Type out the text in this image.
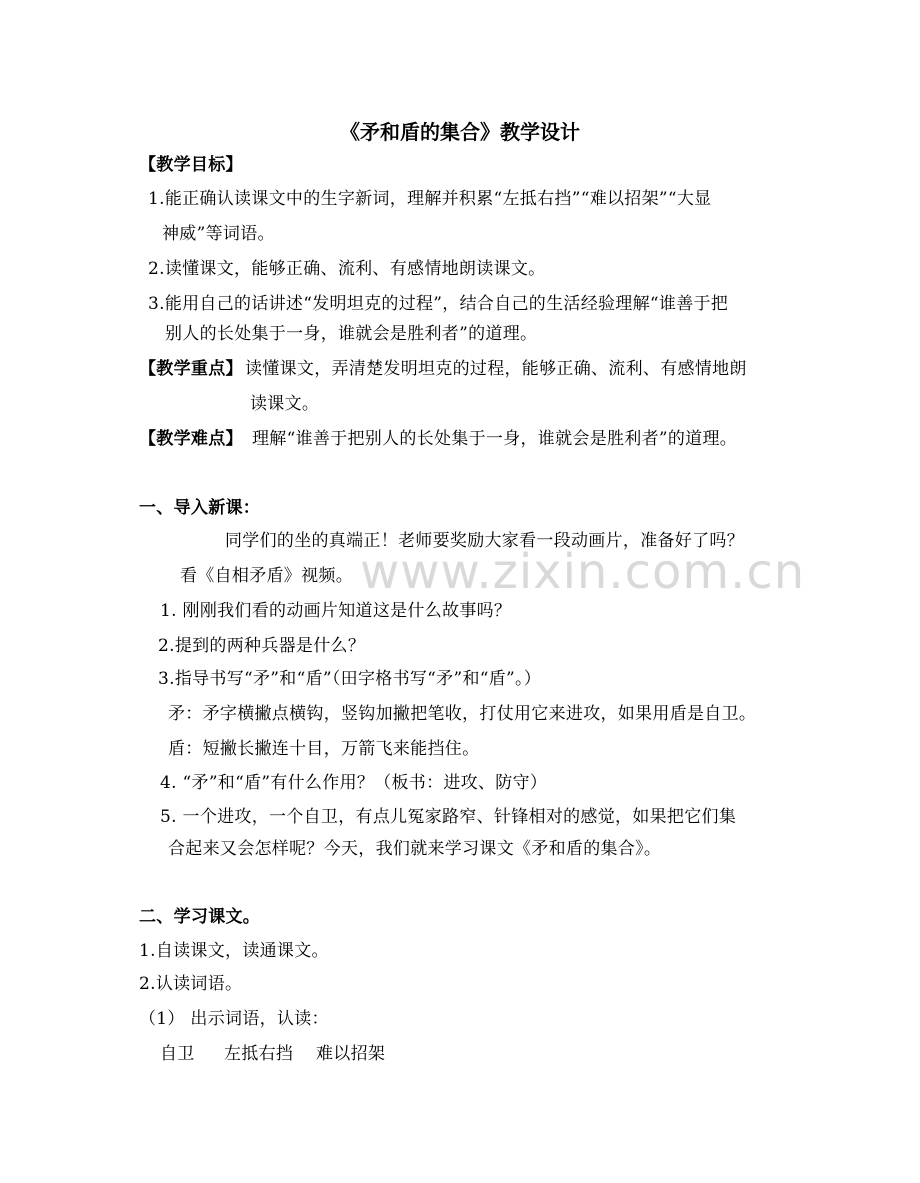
www.zixin.com.cn
《矛和盾的集合》教学设计
【教学目标】
1.能正确认读课文中的生字新词，理解并积累“左抵右挡”“难以招架”“大显
神威”等词语。
2.读懂课文，能够正确、流利、有感情地朗读课文。
3.能用自己的话讲述“发明坦克的过程”，结合自己的生活经验理解“谁善于把
别人的长处集于一身，谁就会是胜利者”的道理。
【教学重点】 读懂课文，弄清楚发明坦克的过程，能够正确、流利、有感情地朗
读课文。
【教学难点】 理解“谁善于把别人的长处集于一身，谁就会是胜利者”的道理。
一、导入新课：
同学们的坐的真端正！老师要奖励大家看一段动画片，准备好了吗？
看《自相矛盾》视频。
1. 刚刚我们看的动画片知道这是什么故事吗？
2.提到的两种兵器是什么？
3.指导书写“矛”和“盾”（田字格书写“矛”和“盾”。）
矛：矛字横撇点横钩，竖钩加撇把笔收，打仗用它来进攻，如果用盾是自卫。
盾：短撇长撇连十目，万箭飞来能挡住。
4. “矛”和“盾”有什么作用？（板书：进攻、防守）
5. 一个进攻，一个自卫，有点儿冤家路窄、针锋相对的感觉，如果把它们集
合起来又会怎样呢？今天，我们就来学习课文《矛和盾的集合》。
二、学习课文。
1.自读课文，读通课文。
2.认读词语。
（1） 出示词语，认读：
自卫 左抵右挡 难以招架
